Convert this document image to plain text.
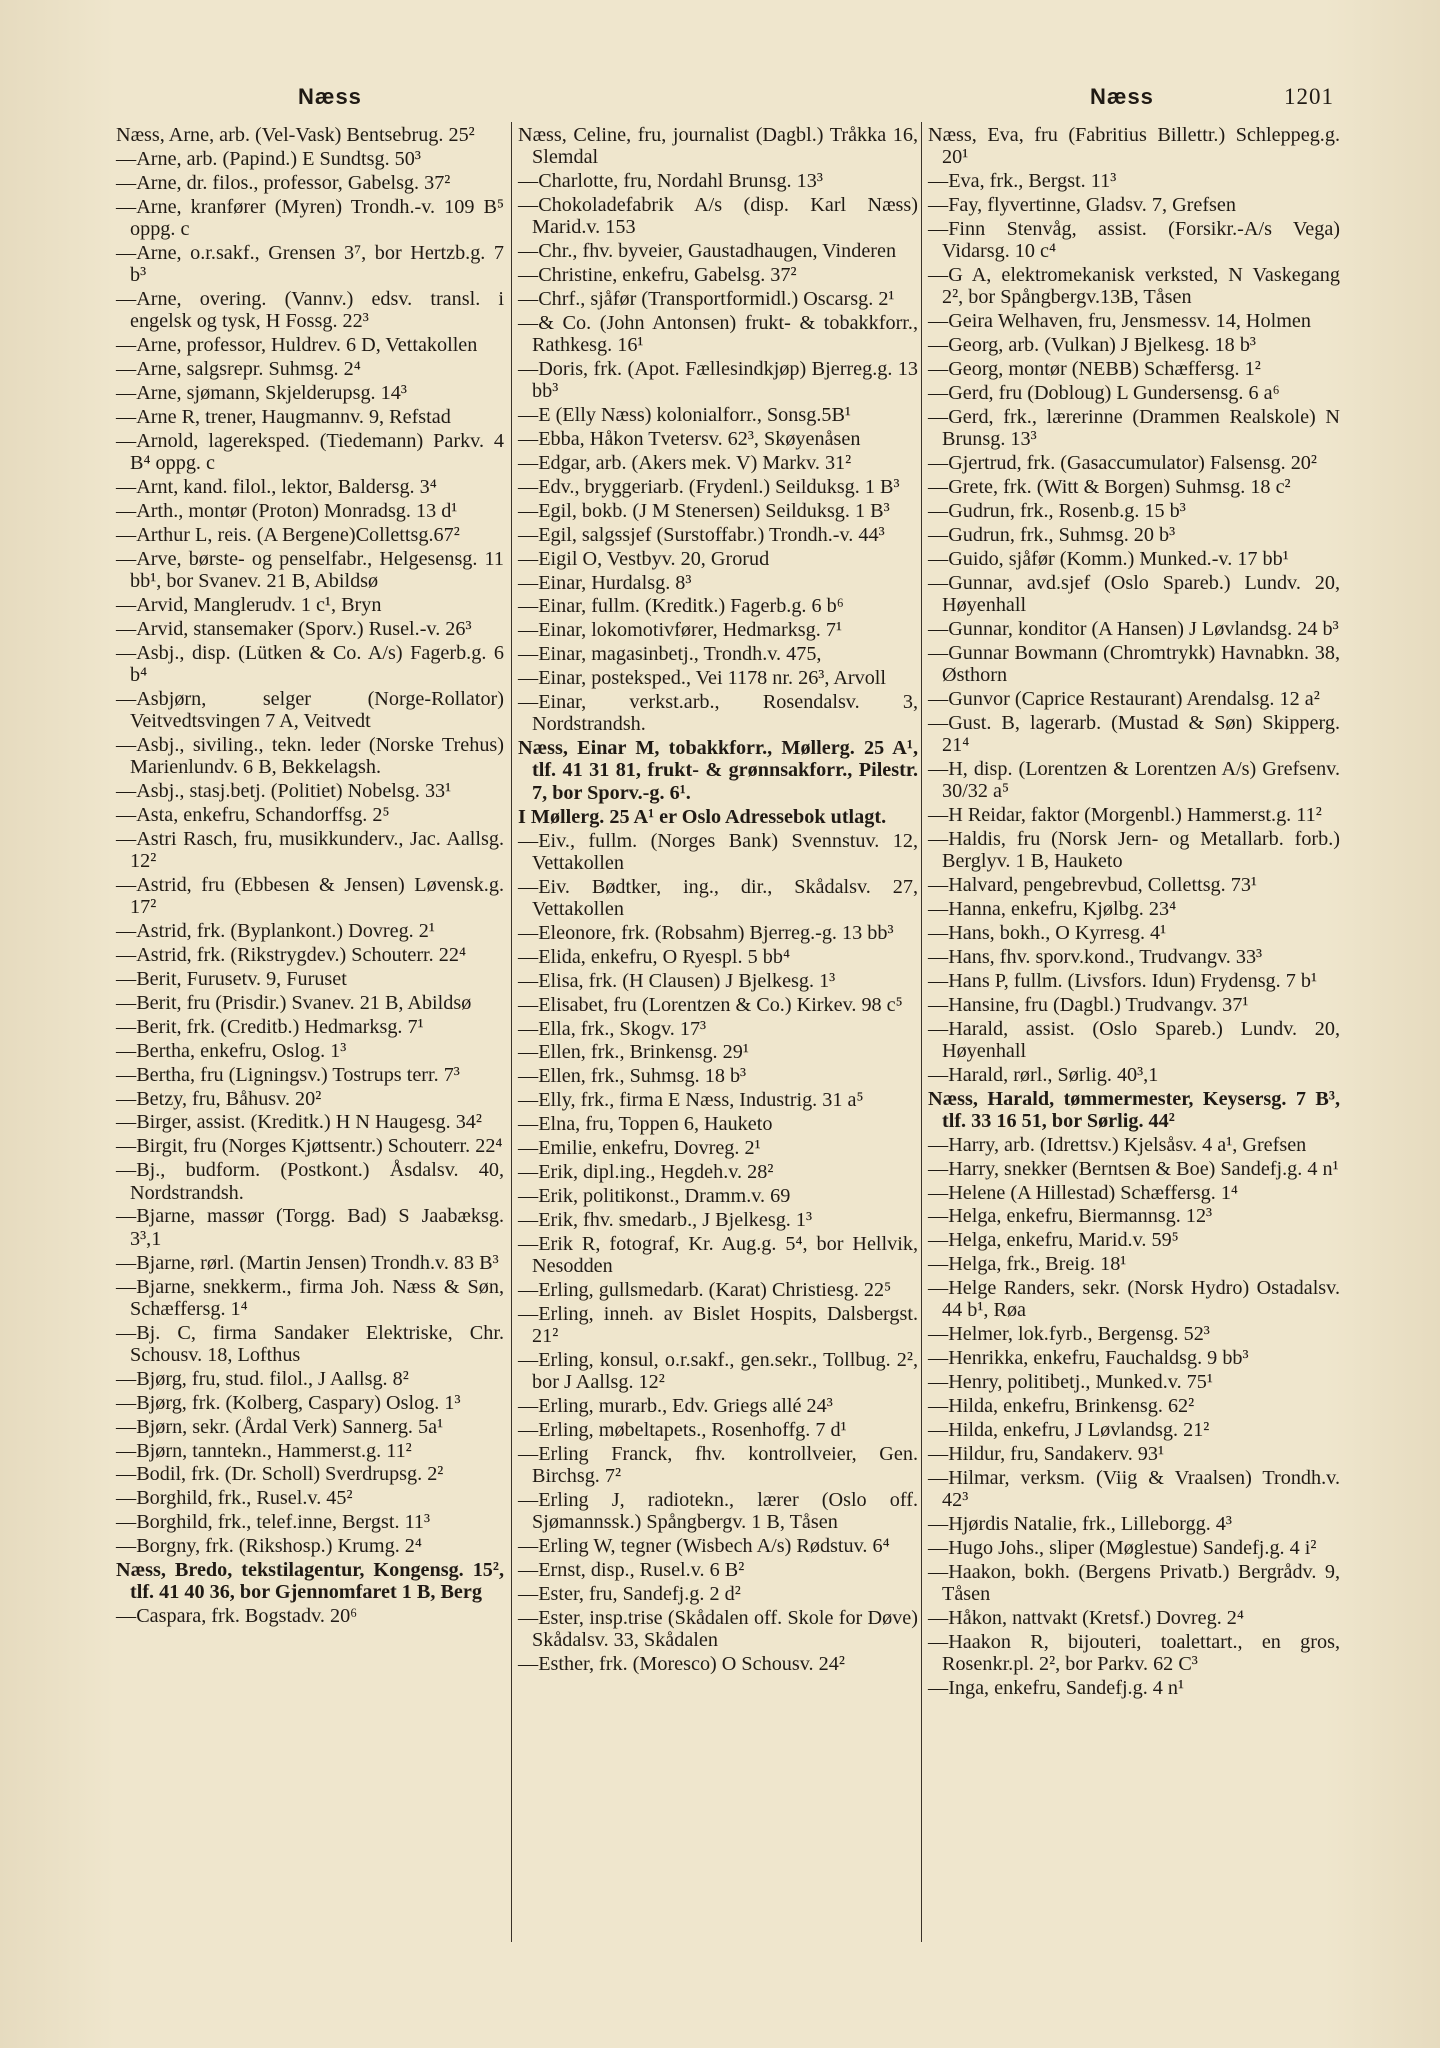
Næss	Næss	1201
Næss, Arne, arb. (Vel-Vask) Bentsebrug. 25²
—Arne, arb. (Papind.) E Sundtsg. 50³
—Arne, dr. filos., professor, Gabelsg. 37²
—Arne, kranfører (Myren) Trondh.-v. 109 B⁵ oppg. c
—Arne, o.r.sakf., Grensen 3⁷, bor Hertzb.g. 7 b³
—Arne, overing. (Vannv.) edsv. transl. i engelsk og tysk, H Fossg. 22³
—Arne, professor, Huldrev. 6 D, Vettakollen
—Arne, salgsrepr. Suhmsg. 2⁴
—Arne, sjømann, Skjelderupsg. 14³
—Arne R, trener, Haugmannv. 9, Refstad
—Arnold, lagereksped. (Tiedemann) Parkv. 4 B⁴ oppg. c
—Arnt, kand. filol., lektor, Baldersg. 3⁴
—Arth., montør (Proton) Monradsg. 13 d¹
—Arthur L, reis. (A Bergene)Collettsg.67²
—Arve, børste- og penselfabr., Helgesensg. 11 bb¹, bor Svanev. 21 B, Abildsø
—Arvid, Manglerudv. 1 c¹, Bryn
—Arvid, stansemaker (Sporv.) Rusel.-v. 26³
—Asbj., disp. (Lütken & Co. A/s) Fagerb.g. 6 b⁴
—Asbjørn, selger (Norge-Rollator) Veitvedtsvingen 7 A, Veitvedt
—Asbj., siviling., tekn. leder (Norske Trehus) Marienlundv. 6 B, Bekkelagsh.
—Asbj., stasj.betj. (Politiet) Nobelsg. 33¹
—Asta, enkefru, Schandorffsg. 2⁵
—Astri Rasch, fru, musikkunderv., Jac. Aallsg. 12²
—Astrid, fru (Ebbesen & Jensen) Løvensk.g. 17²
—Astrid, frk. (Byplankont.) Dovreg. 2¹
—Astrid, frk. (Rikstrygdev.) Schouterr. 22⁴
—Berit, Furusetv. 9, Furuset
—Berit, fru (Prisdir.) Svanev. 21 B, Abildsø
—Berit, frk. (Creditb.) Hedmarksg. 7¹
—Bertha, enkefru, Oslog. 1³
—Bertha, fru (Ligningsv.) Tostrups terr. 7³
—Betzy, fru, Båhusv. 20²
—Birger, assist. (Kreditk.) H N Haugesg. 34²
—Birgit, fru (Norges Kjøttsentr.) Schouterr. 22⁴
—Bj., budform. (Postkont.) Åsdalsv. 40, Nordstrandsh.
—Bjarne, massør (Torgg. Bad) S Jaabæksg. 3³,1
—Bjarne, rørl. (Martin Jensen) Trondh.v. 83 B³
—Bjarne, snekkerm., firma Joh. Næss & Søn, Schæffersg. 1⁴
—Bj. C, firma Sandaker Elektriske, Chr. Schousv. 18, Lofthus
—Bjørg, fru, stud. filol., J Aallsg. 8²
—Bjørg, frk. (Kolberg, Caspary) Oslog. 1³
—Bjørn, sekr. (Årdal Verk) Sannerg. 5a¹
—Bjørn, tanntekn., Hammerst.g. 11²
—Bodil, frk. (Dr. Scholl) Sverdrupsg. 2²
—Borghild, frk., Rusel.v. 45²
—Borghild, frk., telef.inne, Bergst. 11³
—Borgny, frk. (Rikshosp.) Krumg. 2⁴
Næss, Bredo, tekstilagentur, Kongensg. 15², tlf. 41 40 36, bor Gjennomfaret 1 B, Berg
—Caspara, frk. Bogstadv. 20⁶
Næss, Celine, fru, journalist (Dagbl.) Tråkka 16, Slemdal
—Charlotte, fru, Nordahl Brunsg. 13³
—Chokoladefabrik A/s (disp. Karl Næss) Marid.v. 153
—Chr., fhv. byveier, Gaustadhaugen, Vinderen
—Christine, enkefru, Gabelsg. 37²
—Chrf., sjåfør (Transportformidl.) Oscarsg. 2¹
—& Co. (John Antonsen) frukt- & tobakkforr., Rathkesg. 16¹
—Doris, frk. (Apot. Fællesindkjøp) Bjerreg.g. 13 bb³
—E (Elly Næss) kolonialforr., Sonsg.5B¹
—Ebba, Håkon Tvetersv. 62³, Skøyenåsen
—Edgar, arb. (Akers mek. V) Markv. 31²
—Edv., bryggeriarb. (Frydenl.) Seilduksg. 1 B³
—Egil, bokb. (J M Stenersen) Seilduksg. 1 B³
—Egil, salgssjef (Surstoffabr.) Trondh.-v. 44³
—Eigil O, Vestbyv. 20, Grorud
—Einar, Hurdalsg. 8³
—Einar, fullm. (Kreditk.) Fagerb.g. 6 b⁶
—Einar, lokomotivfører, Hedmarksg. 7¹
—Einar, magasinbetj., Trondh.v. 475,
—Einar, posteksped., Vei 1178 nr. 26³, Arvoll
—Einar, verkst.arb., Rosendalsv. 3, Nordstrandsh.
Næss, Einar M, tobakkforr., Møllerg. 25 A¹, tlf. 41 31 81, frukt- & grønnsakforr., Pilestr. 7, bor Sporv.-g. 6¹.
I Møllerg. 25 A¹ er Oslo Adressebok utlagt.
—Eiv., fullm. (Norges Bank) Svennstuv. 12, Vettakollen
—Eiv. Bødtker, ing., dir., Skådalsv. 27, Vettakollen
—Eleonore, frk. (Robsahm) Bjerreg.-g. 13 bb³
—Elida, enkefru, O Ryespl. 5 bb⁴
—Elisa, frk. (H Clausen) J Bjelkesg. 1³
—Elisabet, fru (Lorentzen & Co.) Kirkev. 98 c⁵
—Ella, frk., Skogv. 17³
—Ellen, frk., Brinkensg. 29¹
—Ellen, frk., Suhmsg. 18 b³
—Elly, frk., firma E Næss, Industrig. 31 a⁵
—Elna, fru, Toppen 6, Hauketo
—Emilie, enkefru, Dovreg. 2¹
—Erik, dipl.ing., Hegdeh.v. 28²
—Erik, politikonst., Dramm.v. 69
—Erik, fhv. smedarb., J Bjelkesg. 1³
—Erik R, fotograf, Kr. Aug.g. 5⁴, bor Hellvik, Nesodden
—Erling, gullsmedarb. (Karat) Christiesg. 22⁵
—Erling, inneh. av Bislet Hospits, Dalsbergst. 21²
—Erling, konsul, o.r.sakf., gen.sekr., Tollbug. 2², bor J Aallsg. 12²
—Erling, murarb., Edv. Griegs allé 24³
—Erling, møbeltapets., Rosenhoffg. 7 d¹
—Erling Franck, fhv. kontrollveier, Gen. Birchsg. 7²
—Erling J, radiotekn., lærer (Oslo off. Sjømannssk.) Spångbergv. 1 B, Tåsen
—Erling W, tegner (Wisbech A/s) Rødstuv. 6⁴
—Ernst, disp., Rusel.v. 6 B²
—Ester, fru, Sandefj.g. 2 d²
—Ester, insp.trise (Skådalen off. Skole for Døve) Skådalsv. 33, Skådalen
—Esther, frk. (Moresco) O Schousv. 24²
Næss, Eva, fru (Fabritius Billettr.) Schleppeg.g. 20¹
—Eva, frk., Bergst. 11³
—Fay, flyvertinne, Gladsv. 7, Grefsen
—Finn Stenvåg, assist. (Forsikr.-A/s Vega) Vidarsg. 10 c⁴
—G A, elektromekanisk verksted, N Vaskegang 2², bor Spångbergv.13B, Tåsen
—Geira Welhaven, fru, Jensmessv. 14, Holmen
—Georg, arb. (Vulkan) J Bjelkesg. 18 b³
—Georg, montør (NEBB) Schæffersg. 1²
—Gerd, fru (Dobloug) L Gundersensg. 6 a⁶
—Gerd, frk., lærerinne (Drammen Realskole) N Brunsg. 13³
—Gjertrud, frk. (Gasaccumulator) Falsensg. 20²
—Grete, frk. (Witt & Borgen) Suhmsg. 18 c²
—Gudrun, frk., Rosenb.g. 15 b³
—Gudrun, frk., Suhmsg. 20 b³
—Guido, sjåfør (Komm.) Munked.-v. 17 bb¹
—Gunnar, avd.sjef (Oslo Spareb.) Lundv. 20, Høyenhall
—Gunnar, konditor (A Hansen) J Løvlandsg. 24 b³
—Gunnar Bowmann (Chromtrykk) Havnabkn. 38, Østhorn
—Gunvor (Caprice Restaurant) Arendalsg. 12 a²
—Gust. B, lagerarb. (Mustad & Søn) Skipperg. 21⁴
—H, disp. (Lorentzen & Lorentzen A/s) Grefsenv. 30/32 a⁵
—H Reidar, faktor (Morgenbl.) Hammerst.g. 11²
—Haldis, fru (Norsk Jern- og Metallarb. forb.) Berglyv. 1 B, Hauketo
—Halvard, pengebrevbud, Collettsg. 73¹
—Hanna, enkefru, Kjølbg. 23⁴
—Hans, bokh., O Kyrresg. 4¹
—Hans, fhv. sporv.kond., Trudvangv. 33³
—Hans P, fullm. (Livsfors. Idun) Frydensg. 7 b¹
—Hansine, fru (Dagbl.) Trudvangv. 37¹
—Harald, assist. (Oslo Spareb.) Lundv. 20, Høyenhall
—Harald, rørl., Sørlig. 40³,1
Næss, Harald, tømmermester, Keysersg. 7 B³, tlf. 33 16 51, bor Sørlig. 44²
—Harry, arb. (Idrettsv.) Kjelsåsv. 4 a¹, Grefsen
—Harry, snekker (Berntsen & Boe) Sandefj.g. 4 n¹
—Helene (A Hillestad) Schæffersg. 1⁴
—Helga, enkefru, Biermannsg. 12³
—Helga, enkefru, Marid.v. 59⁵
—Helga, frk., Breig. 18¹
—Helge Randers, sekr. (Norsk Hydro) Ostadalsv. 44 b¹, Røa
—Helmer, lok.fyrb., Bergensg. 52³
—Henrikka, enkefru, Fauchaldsg. 9 bb³
—Henry, politibetj., Munked.v. 75¹
—Hilda, enkefru, Brinkensg. 62²
—Hilda, enkefru, J Løvlandsg. 21²
—Hildur, fru, Sandakerv. 93¹
—Hilmar, verksm. (Viig & Vraalsen) Trondh.v. 42³
—Hjørdis Natalie, frk., Lilleborgg. 4³
—Hugo Johs., sliper (Møglestue) Sandefj.g. 4 i²
—Haakon, bokh. (Bergens Privatb.) Bergrådv. 9, Tåsen
—Håkon, nattvakt (Kretsf.) Dovreg. 2⁴
—Haakon R, bijouteri, toalettart., en gros, Rosenkr.pl. 2², bor Parkv. 62 C³
—Inga, enkefru, Sandefj.g. 4 n¹
